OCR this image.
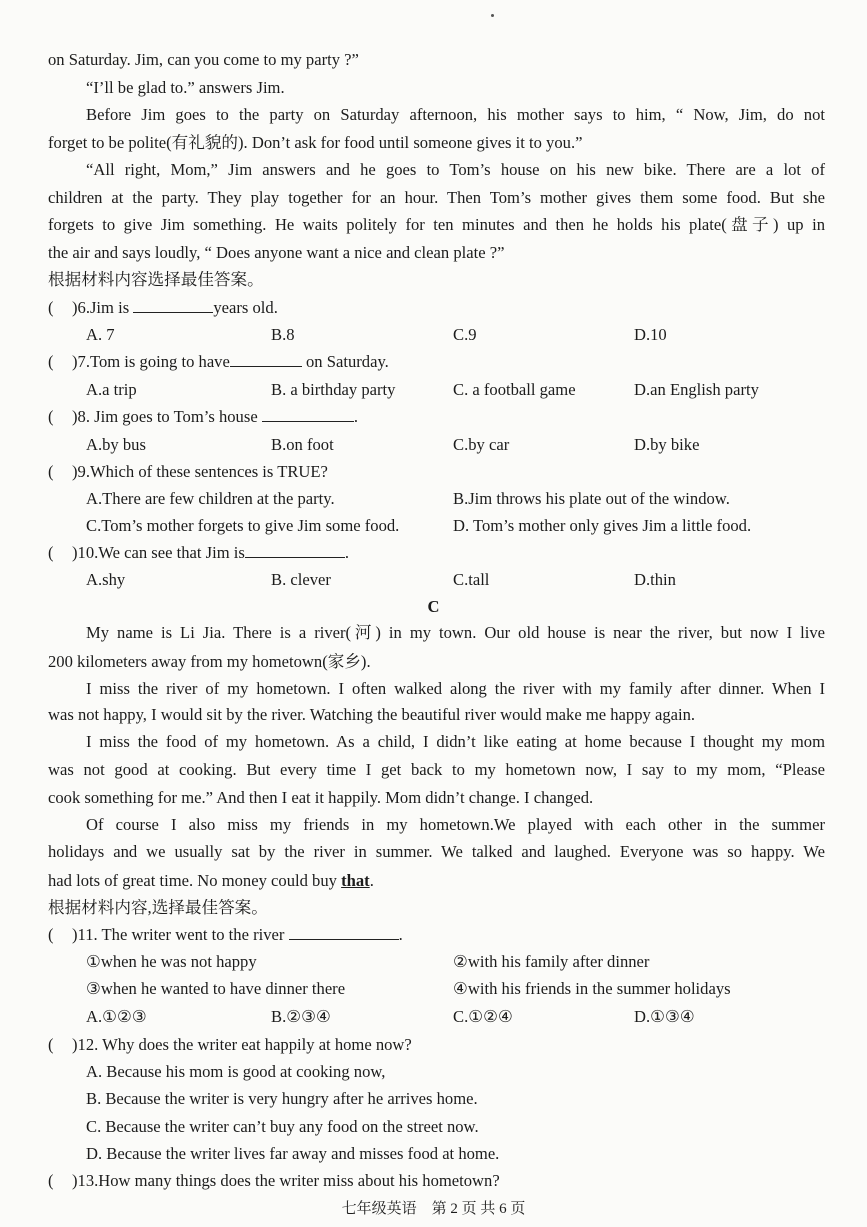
on Saturday. Jim, can you come to my party ?”
“I’ll be glad to.” answers Jim.
Before Jim goes to the party on Saturday afternoon, his mother says to him, “ Now, Jim, do not
forget to be polite(有礼貌的). Don’t ask for food until someone gives it to you.”
“All right, Mom,” Jim answers and he goes to Tom’s house on his new bike. There are a lot of
children at the party. They play together for an hour. Then Tom’s mother gives them some food. But she
forgets to give Jim something. He waits politely for ten minutes and then he holds his plate(盘子) up in
the air and says loudly, “ Does anyone want a nice and clean plate ?”
根据材料内容选择最佳答案。
( )6.Jim is	years old.
A. 7	B.8	C.9	D.10
( )7.Tom is going to have	on Saturday.
A.a trip	B. a birthday party	C. a football game	D.an English party
( )8. Jim goes to Tom’s house	.
A.by bus	B.on foot	C.by car	D.by bike
( )9.Which of these sentences is TRUE?
A.There are few children at the party.	B.Jim throws his plate out of the window.
C.Tom’s mother forgets to give Jim some food.	D. Tom’s mother only gives Jim a little food.
( )10.We can see that Jim is	.
A.shy	B. clever	C.tall	D.thin
C
My name is Li Jia. There is a river(河) in my town. Our old house is near the river, but now I live
200 kilometers away from my hometown(家乡).
I miss the river of my hometown. I often walked along the river with my family after dinner. When I
was not happy, I would sit by the river. Watching the beautiful river would make me happy again.
I miss the food of my hometown. As a child, I didn’t like eating at home because I thought my mom
was not good at cooking. But every time I get back to my hometown now, I say to my mom, “Please
cook something for me.” And then I eat it happily. Mom didn’t change. I changed.
Of course I also miss my friends in my hometown.We played with each other in the summer
holidays and we usually sat by the river in summer. We talked and laughed. Everyone was so happy. We
had lots of great time. No money could buy that.
根据材料内容,选择最佳答案。
( )11. The writer went to the river	.
①when he was not happy	②with his family after dinner
③when he wanted to have dinner there	④with his friends in the summer holidays
A.①②③	B.②③④	C.①②④	D.①③④
( )12. Why does the writer eat happily at home now?
A. Because his mom is good at cooking now,
B. Because the writer is very hungry after he arrives home.
C. Because the writer can’t buy any food on the street now.
D. Because the writer lives far away and misses food at home.
( )13.How many things does the writer miss about his hometown?
七年级英语　第 2 页 共 6 页
